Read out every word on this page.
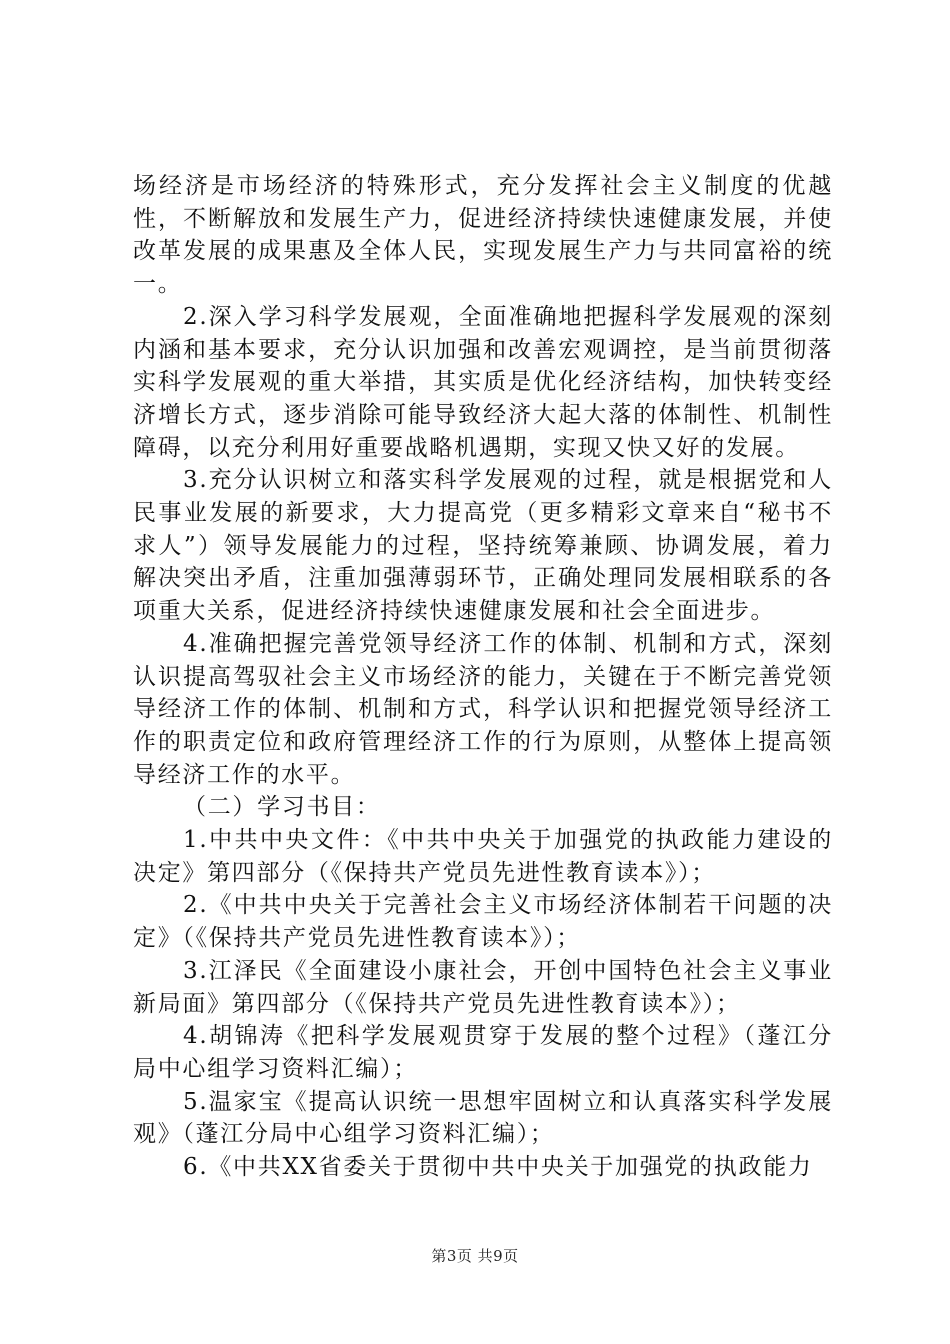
场经济是市场经济的特殊形式，充分发挥社会主义制度的优越性，不断解放和发展生产力，促进经济持续快速健康发展，并使改革发展的成果惠及全体人民，实现发展生产力与共同富裕的统一。

2.深入学习科学发展观，全面准确地把握科学发展观的深刻内涵和基本要求，充分认识加强和改善宏观调控，是当前贯彻落实科学发展观的重大举措，其实质是优化经济结构，加快转变经济增长方式，逐步消除可能导致经济大起大落的体制性、机制性障碍，以充分利用好重要战略机遇期，实现又快又好的发展。

3.充分认识树立和落实科学发展观的过程，就是根据党和人民事业发展的新要求，大力提高党（更多精彩文章来自“秘书不求人”）领导发展能力的过程，坚持统筹兼顾、协调发展，着力解决突出矛盾，注重加强薄弱环节，正确处理同发展相联系的各项重大关系，促进经济持续快速健康发展和社会全面进步。

4.准确把握完善党领导经济工作的体制、机制和方式，深刻认识提高驾驭社会主义市场经济的能力，关键在于不断完善党领导经济工作的体制、机制和方式，科学认识和把握党领导经济工作的职责定位和政府管理经济工作的行为原则，从整体上提高领导经济工作的水平。

（二）学习书目：

1.中共中央文件：《中共中央关于加强党的执政能力建设的决定》第四部分（《保持共产党员先进性教育读本》）；

2.《中共中央关于完善社会主义市场经济体制若干问题的决定》（《保持共产党员先进性教育读本》）；

3.江泽民《全面建设小康社会，开创中国特色社会主义事业新局面》第四部分（《保持共产党员先进性教育读本》）；

4.胡锦涛《把科学发展观贯穿于发展的整个过程》（蓬江分局中心组学习资料汇编）；

5.温家宝《提高认识统一思想牢固树立和认真落实科学发展观》（蓬江分局中心组学习资料汇编）；

6.《中共XX省委关于贯彻中共中央关于加强党的执政能力

第3页 共9页
